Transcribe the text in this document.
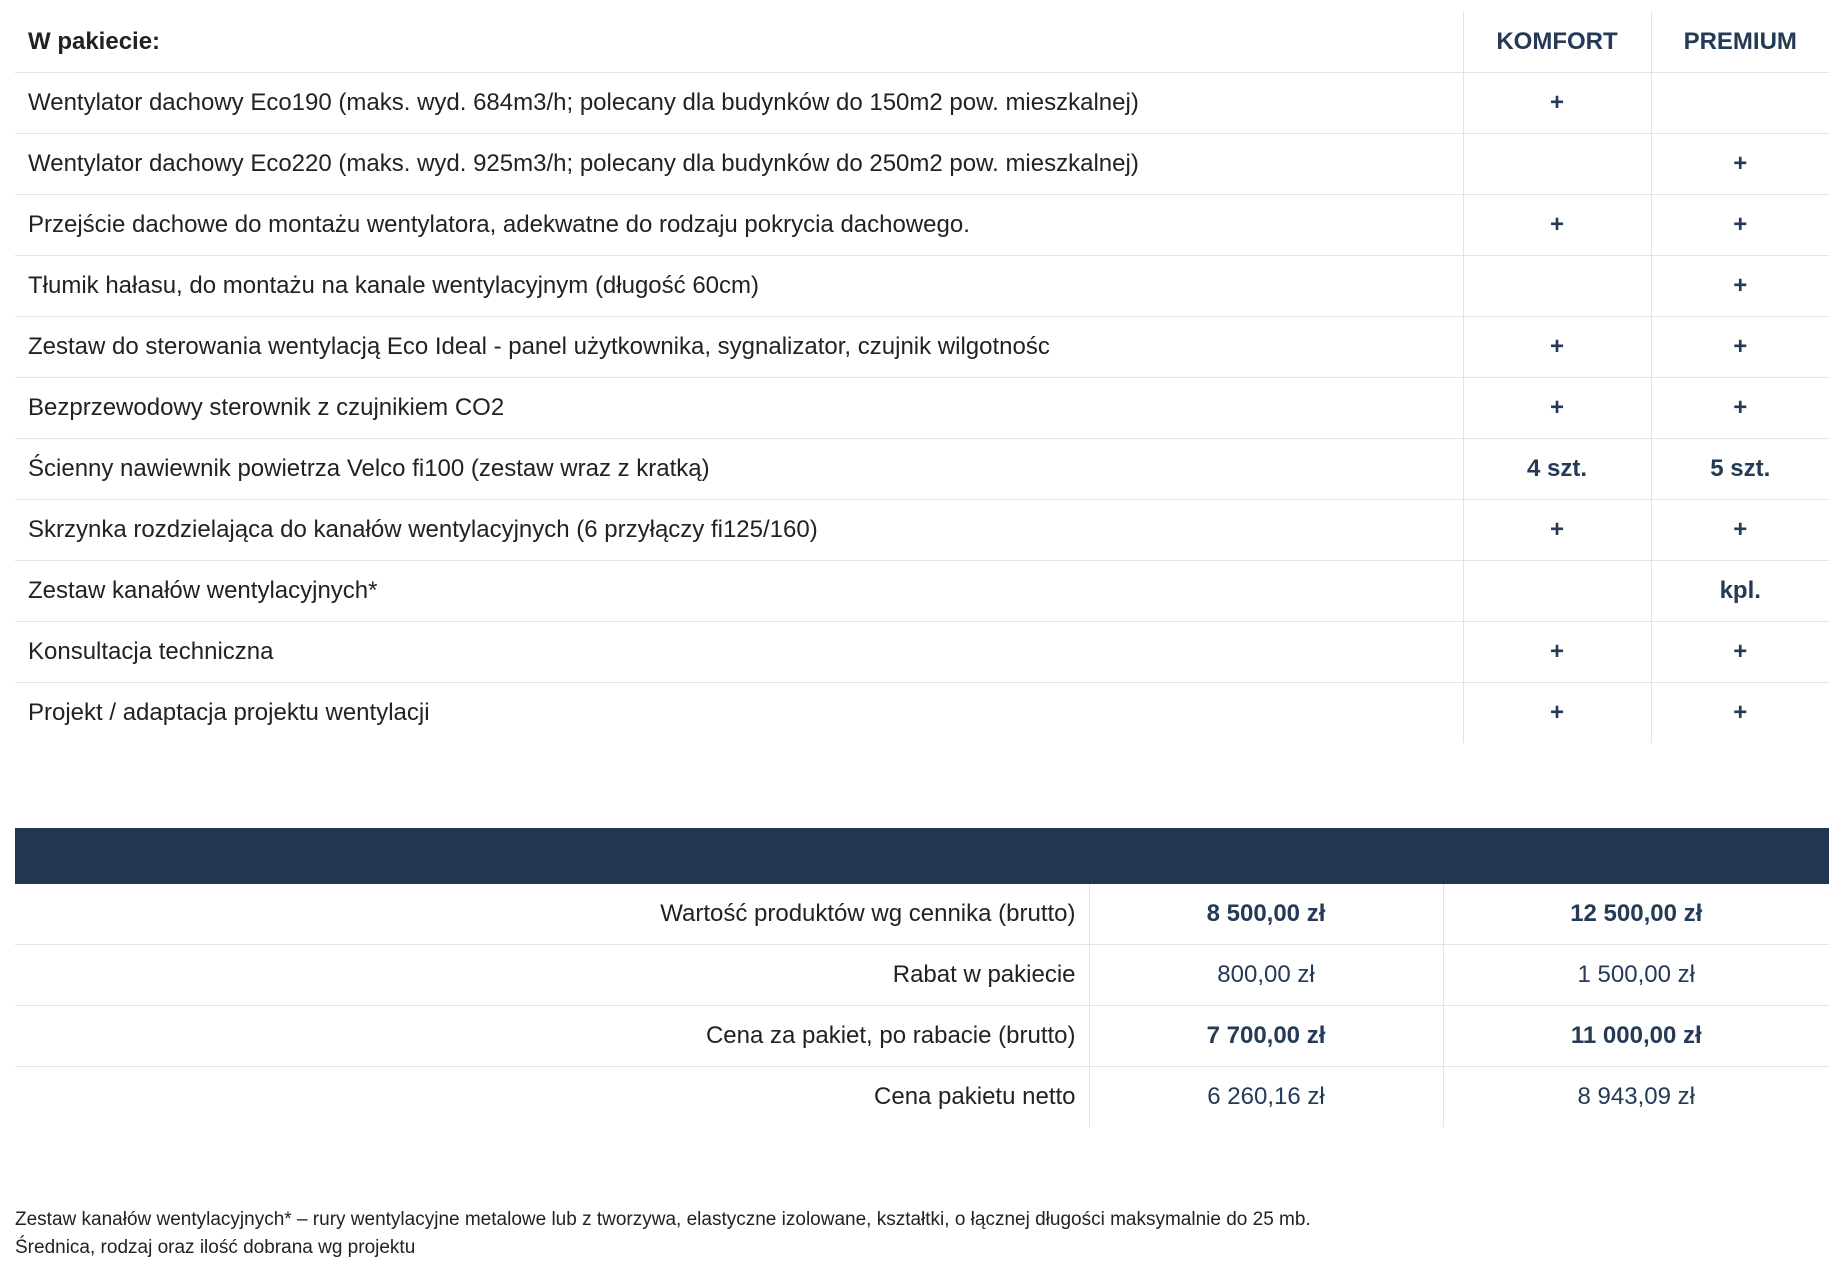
W pakiecie:	KOMFORT	PREMIUM
Wentylator dachowy Eco190 (maks. wyd. 684m3/h; polecany dla budynków do 150m2 pow. mieszkalnej)	+	
Wentylator dachowy Eco220 (maks. wyd. 925m3/h; polecany dla budynków do 250m2 pow. mieszkalnej)		+
Przejście dachowe do montażu wentylatora, adekwatne do rodzaju pokrycia dachowego.	+	+
Tłumik hałasu, do montażu na kanale wentylacyjnym (długość 60cm)		+
Zestaw do sterowania wentylacją Eco Ideal - panel użytkownika, sygnalizator, czujnik wilgotnośc	+	+
Bezprzewodowy sterownik z czujnikiem CO2	+	+
Ścienny nawiewnik powietrza Velco fi100 (zestaw wraz z kratką)	4 szt.	5 szt.
Skrzynka rozdzielająca do kanałów wentylacyjnych (6 przyłączy fi125/160)	+	+
Zestaw kanałów wentylacyjnych*		kpl.
Konsultacja techniczna	+	+
Projekt / adaptacja projektu wentylacji	+	+
Wartość produktów wg cennika (brutto)	8 500,00 zł	12 500,00 zł
Rabat w pakiecie	800,00 zł	1 500,00 zł
Cena za pakiet, po rabacie (brutto)	7 700,00 zł	11 000,00 zł
Cena pakietu netto	6 260,16 zł	8 943,09 zł
Zestaw kanałów wentylacyjnych* – rury wentylacyjne metalowe lub z tworzywa, elastyczne izolowane, kształtki, o łącznej długości maksymalnie do 25 mb.
Średnica, rodzaj oraz ilość dobrana wg projektu
